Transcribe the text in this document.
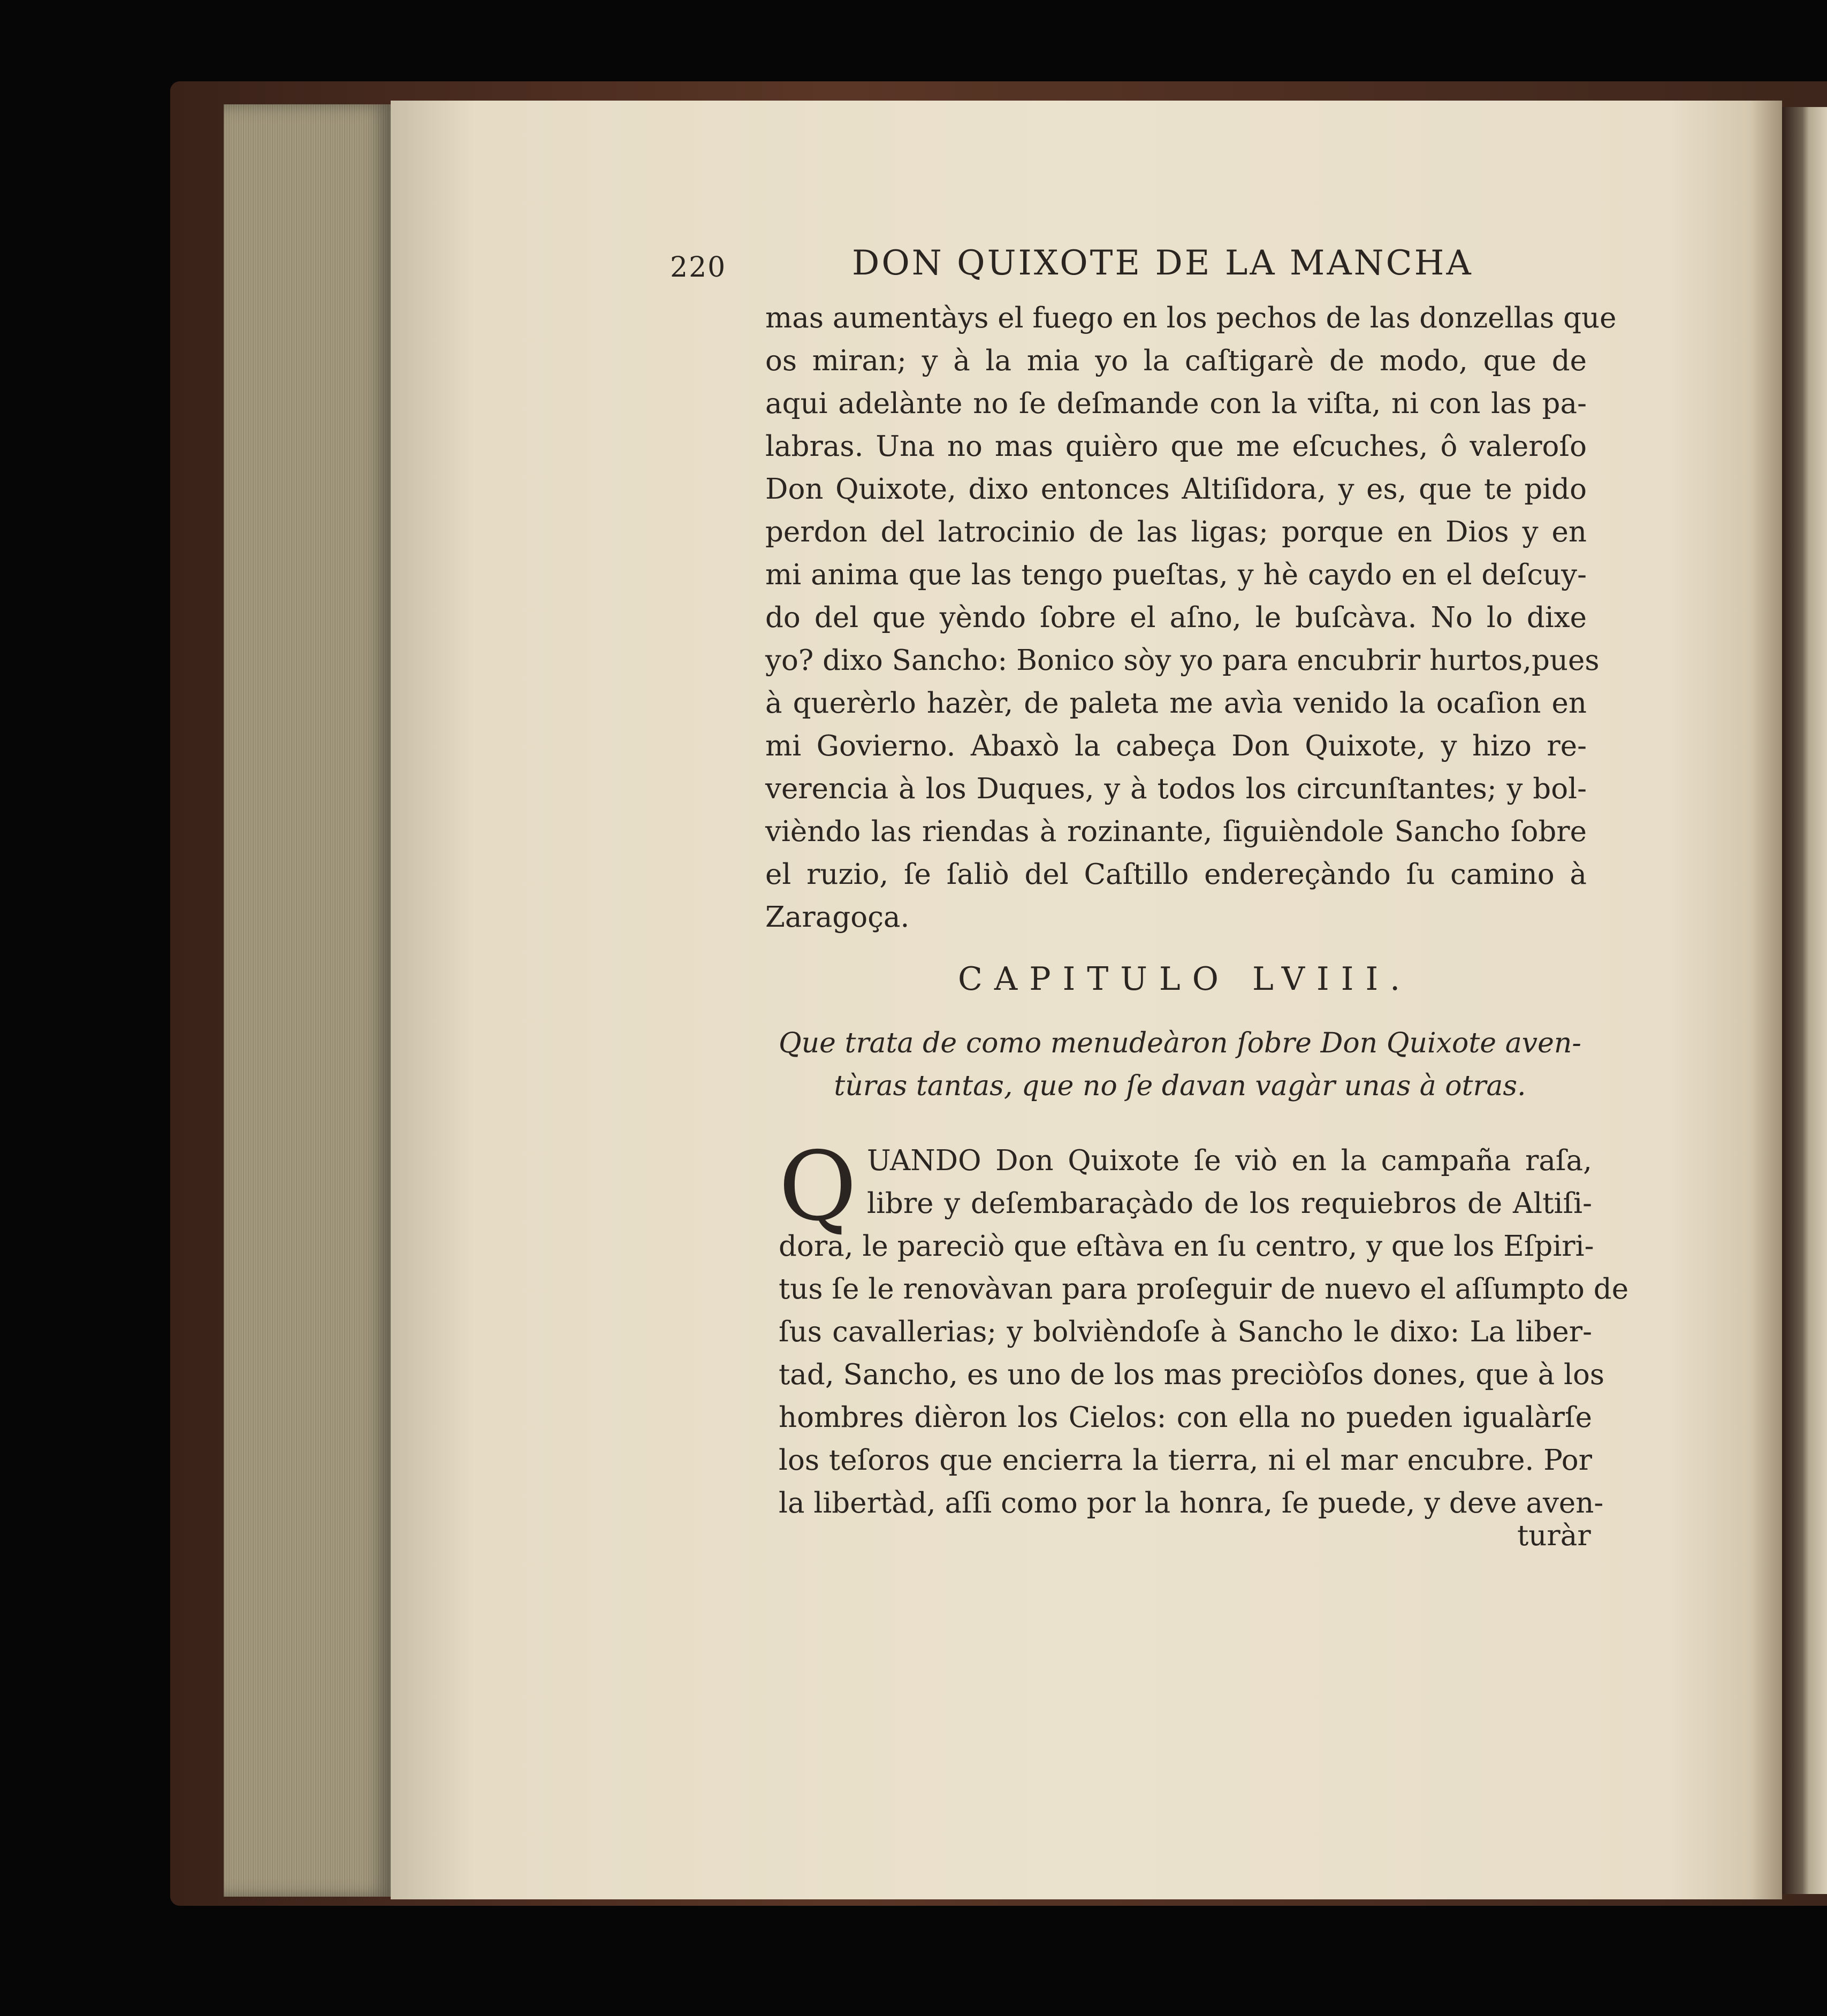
220	DON QUIXOTE DE LA MANCHA
mas aumentàys el fuego en los pechos de las donzellas que
os miran; y à la mia yo la caſtigarè de modo, que de
aqui adelànte no ſe deſmande con la viſta, ni con las pa-
labras. Una no mas quièro que me eſcuches, ô valeroſo
Don Quixote, dixo entonces Altiſidora, y es, que te pido
perdon del latrocinio de las ligas; porque en Dios y en
mi anima que las tengo pueſtas, y hè caydo en el deſcuy-
do del que yèndo ſobre el aſno, le buſcàva. No lo dixe
yo? dixo Sancho: Bonico sòy yo para encubrir hurtos,pues
à querèrlo hazèr, de paleta me avìa venido la ocaſion en
mi Govierno. Abaxò la cabeça Don Quixote, y hizo re-
verencia à los Duques, y à todos los circunſtantes; y bol-
vièndo las riendas à rozinante, ſiguièndole Sancho ſobre
el ruzio, ſe ſaliò del Caſtillo endereçàndo ſu camino à
Zaragoça.
CAPITULO LVIII.
Que trata de como menudeàron ſobre Don Quixote aven-
tùras tantas, que no ſe davan vagàr unas à otras.
Q UANDO Don Quixote ſe viò en la campaña raſa,
libre y deſembaraçàdo de los requiebros de Altiſi-
dora, le pareciò que eſtàva en ſu centro, y que los Eſpiri-
tus ſe le renovàvan para proſeguir de nuevo el aſſumpto de
ſus cavallerias; y bolvièndoſe à Sancho le dixo: La liber-
tad, Sancho, es uno de los mas preciòſos dones, que à los
hombres dièron los Cielos: con ella no pueden igualàrſe
los teſoros que encierra la tierra, ni el mar encubre. Por
la libertàd, aſſi como por la honra, ſe puede, y deve aven-
turàr
